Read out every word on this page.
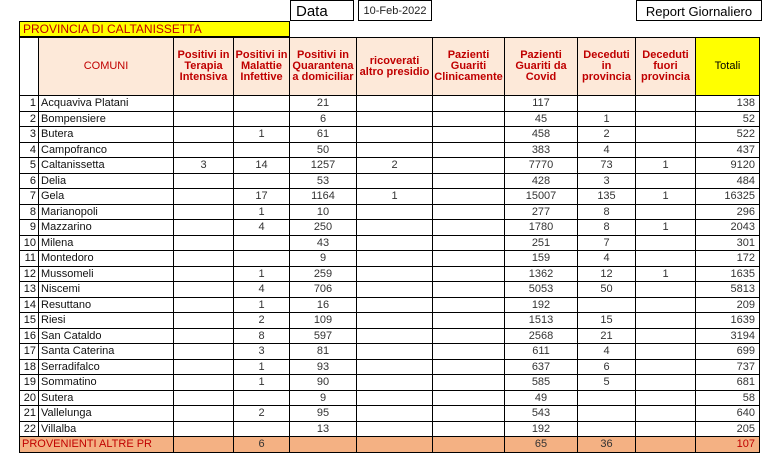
Data	10-Feb-2022	Report Giornaliero
PROVINCIA DI CALTANISSETTA
	COMUNI	Positivi in Terapia Intensiva	Positivi in Malattie Infettive	Positivi in Quarantena a domiciliar	ricoverati altro presidio	Pazienti Guariti Clinicamente	Pazienti Guariti da Covid	Deceduti in provincia	Deceduti fuori provincia	Totali
1	Acquaviva Platani			21			117			138
2	Bompensiere			6			45	1		52
3	Butera		1	61			458	2		522
4	Campofranco			50			383	4		437
5	Caltanissetta	3	14	1257	2		7770	73	1	9120
6	Delia			53			428	3		484
7	Gela		17	1164	1		15007	135	1	16325
8	Marianopoli		1	10			277	8		296
9	Mazzarino		4	250			1780	8	1	2043
10	Milena			43			251	7		301
11	Montedoro			9			159	4		172
12	Mussomeli		1	259			1362	12	1	1635
13	Niscemi		4	706			5053	50		5813
14	Resuttano		1	16			192			209
15	Riesi		2	109			1513	15		1639
16	San Cataldo		8	597			2568	21		3194
17	Santa Caterina		3	81			611	4		699
18	Serradifalco		1	93			637	6		737
19	Sommatino		1	90			585	5		681
20	Sutera			9			49			58
21	Vallelunga		2	95			543			640
22	Villalba			13			192			205
PROVENIENTI ALTRE PR			6				65	36		107
